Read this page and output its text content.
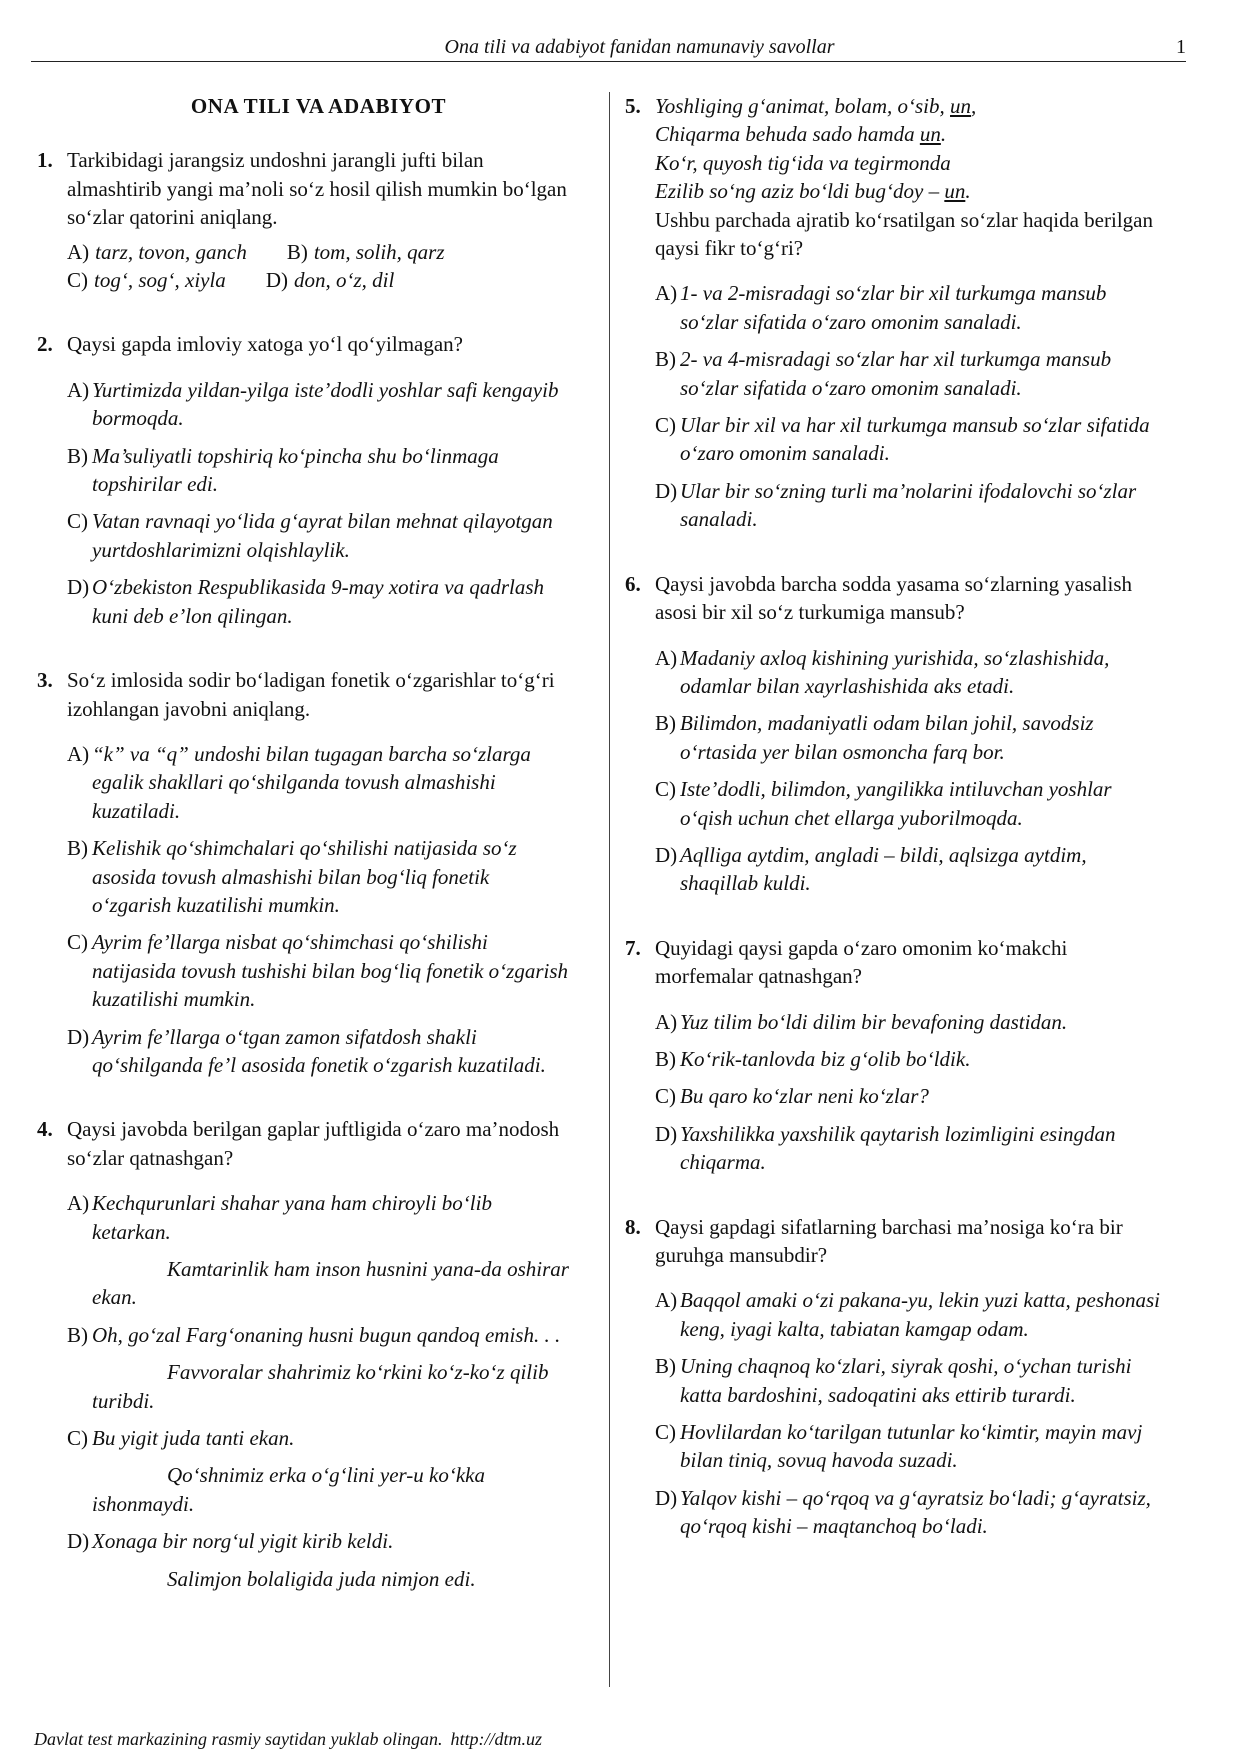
Ona tili va adabiyot fanidan namunaviy savollar	1
ONA TILI VA ADABIYOT
1. Tarkibidagi jarangsiz undoshni jarangli jufti bilan almashtirib yangi ma’noli so‘z hosil qilish mumkin bo‘lgan so‘zlar qatorini aniqlang.
A) tarz, tovon, ganch B) tom, solih, qarz
C) tog‘, sog‘, xiyla D) don, o‘z, dil
2. Qaysi gapda imloviy xatoga yo‘l qo‘yilmagan?
A) Yurtimizda yildan-yilga iste’dodli yoshlar safi kengayib bormoqda.
B) Ma’suliyatli topshiriq ko‘pincha shu bo‘linmaga topshirilar edi.
C) Vatan ravnaqi yo‘lida g‘ayrat bilan mehnat qilayotgan yurtdoshlarimizni olqishlaylik.
D) O‘zbekiston Respublikasida 9-may xotira va qadrlash kuni deb e’lon qilingan.
3. So‘z imlosida sodir bo‘ladigan fonetik o‘zgarishlar to‘g‘ri izohlangan javobni aniqlang.
A) “k” va “q” undoshi bilan tugagan barcha so‘zlarga egalik shakllari qo‘shilganda tovush almashishi kuzatiladi.
B) Kelishik qo‘shimchalari qo‘shilishi natijasida so‘z asosida tovush almashishi bilan bog‘liq fonetik o‘zgarish kuzatilishi mumkin.
C) Ayrim fe’llarga nisbat qo‘shimchasi qo‘shilishi natijasida tovush tushishi bilan bog‘liq fonetik o‘zgarish kuzatilishi mumkin.
D) Ayrim fe’llarga o‘tgan zamon sifatdosh shakli qo‘shilganda fe’l asosida fonetik o‘zgarish kuzatiladi.
4. Qaysi javobda berilgan gaplar juftligida o‘zaro ma’nodosh so‘zlar qatnashgan?
A) Kechqurunlari shahar yana ham chiroyli bo‘lib ketarkan.
Kamtarinlik ham inson husnini yana-da oshirar ekan.
B) Oh, go‘zal Farg‘onaning husni bugun qandoq emish. . .
Favvoralar shahrimiz ko‘rkini ko‘z-ko‘z qilib turibdi.
C) Bu yigit juda tanti ekan.
Qo‘shnimiz erka o‘g‘lini yer-u ko‘kka ishonmaydi.
D) Xonaga bir norg‘ul yigit kirib keldi.
Salimjon bolaligida juda nimjon edi.
5. Yoshliging g‘animat, bolam, o‘sib, un,
Chiqarma behuda sado hamda un.
Ko‘r, quyosh tig‘ida va tegirmonda
Ezilib so‘ng aziz bo‘ldi bug‘doy – un.
Ushbu parchada ajratib ko‘rsatilgan so‘zlar haqida berilgan qaysi fikr to‘g‘ri?
A) 1- va 2-misradagi so‘zlar bir xil turkumga mansub so‘zlar sifatida o‘zaro omonim sanaladi.
B) 2- va 4-misradagi so‘zlar har xil turkumga mansub so‘zlar sifatida o‘zaro omonim sanaladi.
C) Ular bir xil va har xil turkumga mansub so‘zlar sifatida o‘zaro omonim sanaladi.
D) Ular bir so‘zning turli ma’nolarini ifodalovchi so‘zlar sanaladi.
6. Qaysi javobda barcha sodda yasama so‘zlarning yasalish asosi bir xil so‘z turkumiga mansub?
A) Madaniy axloq kishining yurishida, so‘zlashishida, odamlar bilan xayrlashishida aks etadi.
B) Bilimdon, madaniyatli odam bilan johil, savodsiz o‘rtasida yer bilan osmoncha farq bor.
C) Iste’dodli, bilimdon, yangilikka intiluvchan yoshlar o‘qish uchun chet ellarga yuborilmoqda.
D) Aqlliga aytdim, angladi – bildi, aqlsizga aytdim, shaqillab kuldi.
7. Quyidagi qaysi gapda o‘zaro omonim ko‘makchi morfemalar qatnashgan?
A) Yuz tilim bo‘ldi dilim bir bevafoning dastidan.
B) Ko‘rik-tanlovda biz g‘olib bo‘ldik.
C) Bu qaro ko‘zlar neni ko‘zlar?
D) Yaxshilikka yaxshilik qaytarish lozimligini esingdan chiqarma.
8. Qaysi gapdagi sifatlarning barchasi ma’nosiga ko‘ra bir guruhga mansubdir?
A) Baqqol amaki o‘zi pakana-yu, lekin yuzi katta, peshonasi keng, iyagi kalta, tabiatan kamgap odam.
B) Uning chaqnoq ko‘zlari, siyrak qoshi, o‘ychan turishi katta bardoshini, sadoqatini aks ettirib turardi.
C) Hovlilardan ko‘tarilgan tutunlar ko‘kimtir, mayin mavj bilan tiniq, sovuq havoda suzadi.
D) Yalqov kishi – qo‘rqoq va g‘ayratsiz bo‘ladi; g‘ayratsiz, qo‘rqoq kishi – maqtanchoq bo‘ladi.
Davlat test markazining rasmiy saytidan yuklab olingan. http://dtm.uz
